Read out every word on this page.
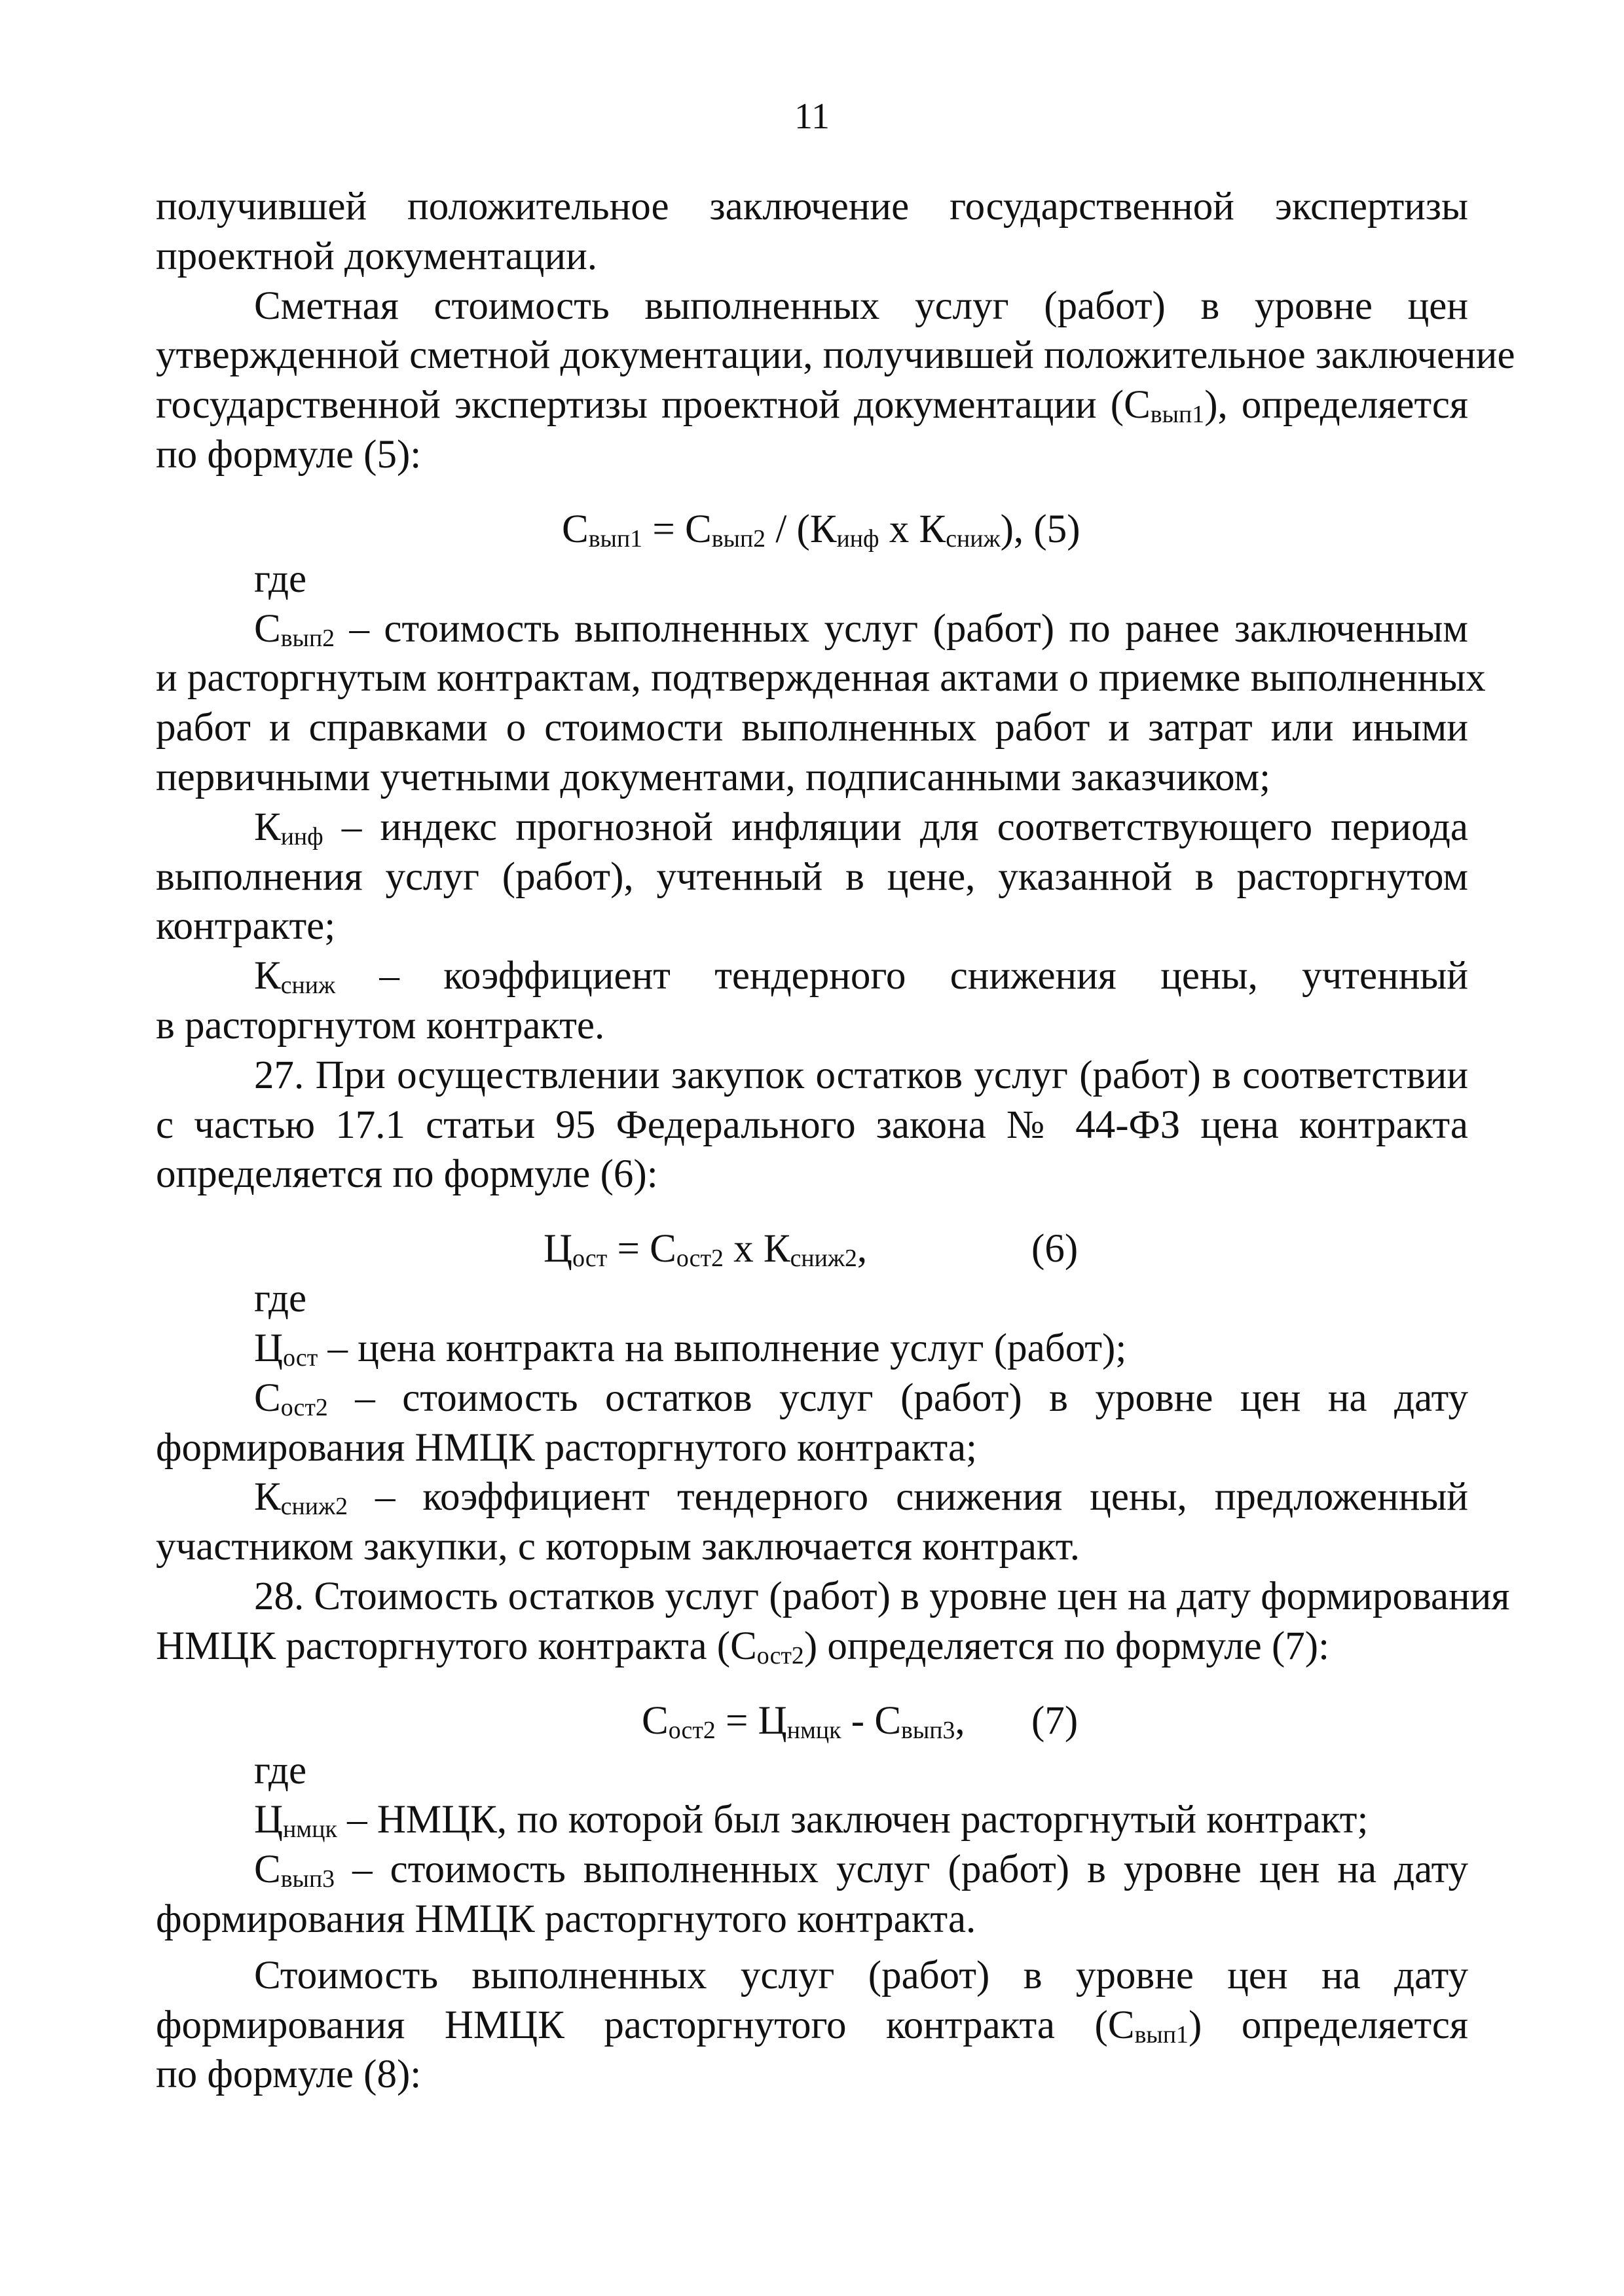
11
получившей положительное заключение государственной экспертизы
проектной документации.
Сметная стоимость выполненных услуг (работ) в уровне цен
утвержденной сметной документации, получившей положительное заключение
государственной экспертизы проектной документации $(С_{вып1})$, определяется
по формуле (5):
$С_{вып1} = С_{вып2} / (К_{инф}$ х $К_{сниж}$), (5)
где
$С_{вып2}$ – стоимость выполненных услуг (работ) по ранее заключенным
и расторгнутым контрактам, подтвержденная актами о приемке выполненных
работ и справками о стоимости выполненных работ и затрат или иными
первичными учетными документами, подписанными заказчиком;
$К_{инф}$ – индекс прогнозной инфляции для соответствующего периода
выполнения услуг (работ), учтенный в цене, указанной в расторгнутом
контракте;
$К_{сниж}$ – коэффициент тендерного снижения цены, учтенный
в расторгнутом контракте.
27. При осуществлении закупок остатков услуг (работ) в соответствии
с частью 17.1 статьи 95 Федерального закона № 44-ФЗ цена контракта
определяется по формуле (6):
$Ц_{ост} = С_{ост2}$ х $К_{сниж2}$,	(6)
где
$Ц_{ост}$ – цена контракта на выполнение услуг (работ);
$С_{ост2}$ – стоимость остатков услуг (работ) в уровне цен на дату
формирования НМЦК расторгнутого контракта;
$К_{сниж2}$ – коэффициент тендерного снижения цены, предложенный
участником закупки, с которым заключается контракт.
28. Стоимость остатков услуг (работ) в уровне цен на дату формирования
НМЦК расторгнутого контракта $(С_{ост2})$ определяется по формуле (7):
$С_{ост2} = Ц_{нмцк} - С_{вып3}$, (7)
где
$Ц_{нмцк}$ – НМЦК, по которой был заключен расторгнутый контракт;
$С_{вып3}$ – стоимость выполненных услуг (работ) в уровне цен на дату
формирования НМЦК расторгнутого контракта.
Стоимость выполненных услуг (работ) в уровне цен на дату
формирования НМЦК расторгнутого контракта $(С_{вып1})$ определяется
по формуле (8):
